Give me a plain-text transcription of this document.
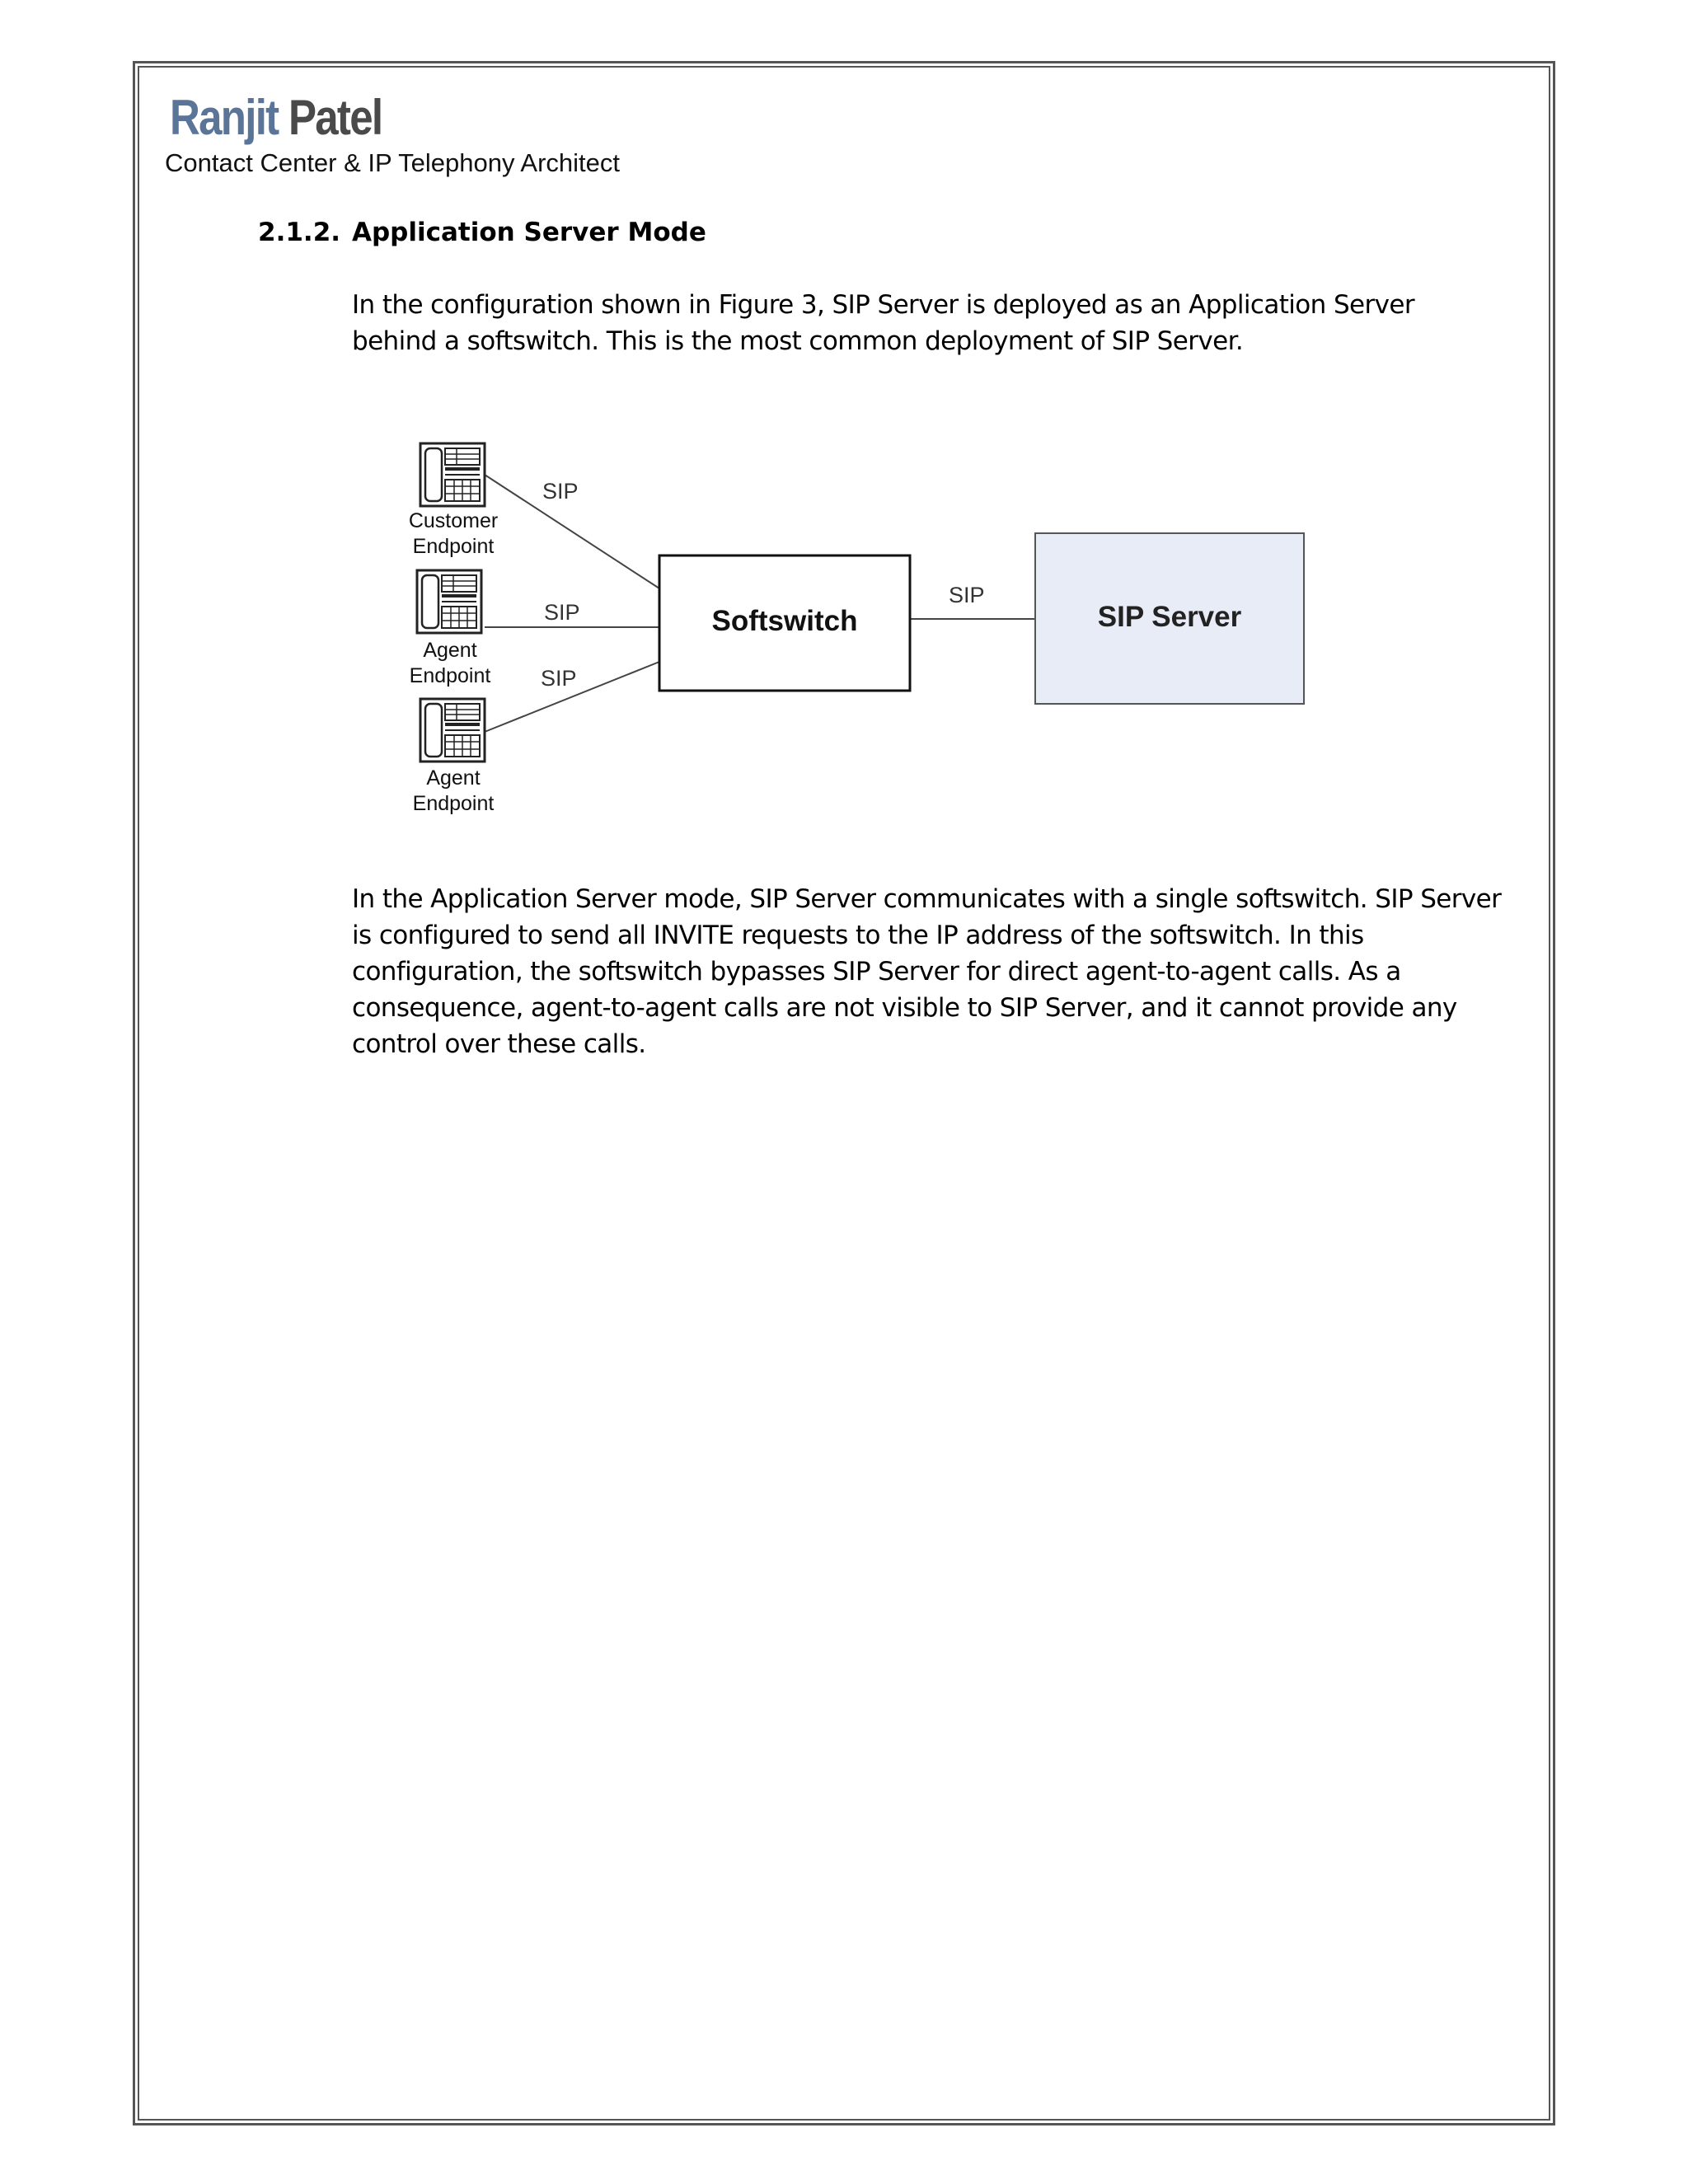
Ranjit Patel
Contact Center & IP Telephony Architect
2.1.2. Application Server Mode

In the configuration shown in Figure 3, SIP Server is deployed as an Application Server behind a softswitch. This is the most common deployment of SIP Server.

Customer
Endpoint
Agent
Endpoint
Agent
Endpoint
SIP
SIP
SIP
SIP
Softswitch	SIP Server

In the Application Server mode, SIP Server communicates with a single softswitch. SIP Server is configured to send all INVITE requests to the IP address of the softswitch. In this configuration, the softswitch bypasses SIP Server for direct agent-to-agent calls. As a consequence, agent-to-agent calls are not visible to SIP Server, and it cannot provide any control over these calls.
